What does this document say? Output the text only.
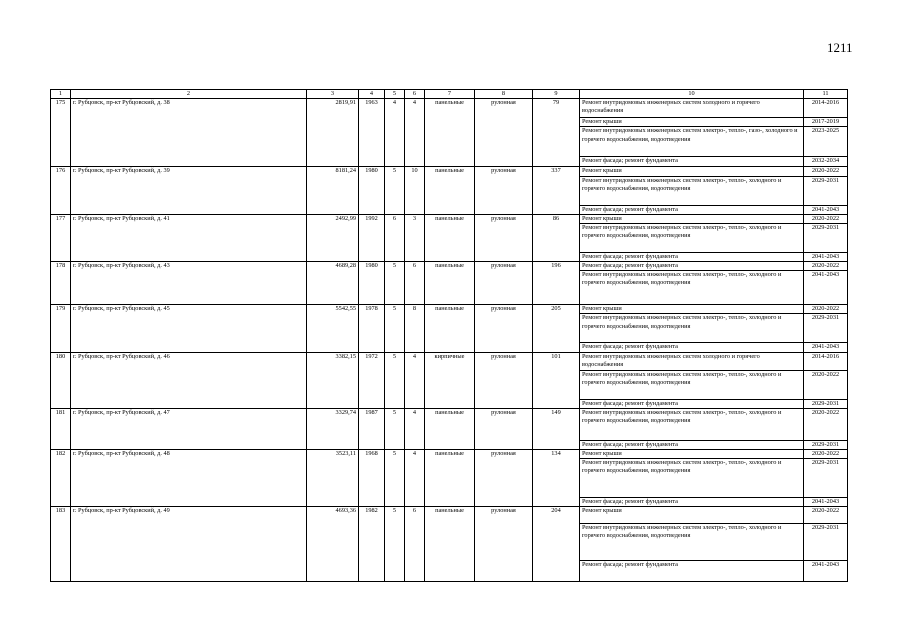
1211
1	2	3	4	5	6	7	8	9	10	11
175	г. Рубцовск, пр-кт Рубцовский, д. 38	2819,91	1963	4	4	панельные	рулонная	79	Ремонт внутридомовых инженерных систем холодного и горячего водоснабжения	2014-2016
									Ремонт крыши	2017-2019
									Ремонт внутридомовых инженерных систем электро-, тепло-, газо-, холодного и горячего водоснабжения, водоотведения	2023-2025
									Ремонт фасада; ремонт фундамента	2032-2034
176	г. Рубцовск, пр-кт Рубцовский, д. 39	8181,24	1980	5	10	панельные	рулонная	337	Ремонт крыши	2020-2022
									Ремонт внутридомовых инженерных систем электро-, тепло-, холодного и горячего водоснабжения, водоотведения	2029-2031
									Ремонт фасада; ремонт фундамента	2041-2043
177	г. Рубцовск, пр-кт Рубцовский, д. 41	2492,99	1992	6	3	панельные	рулонная	86	Ремонт крыши	2020-2022
									Ремонт внутридомовых инженерных систем электро-, тепло-, холодного и горячего водоснабжения, водоотведения	2029-2031
									Ремонт фасада; ремонт фундамента	2041-2043
178	г. Рубцовск, пр-кт Рубцовский, д. 43	4689,28	1980	5	6	панельные	рулонная	196	Ремонт фасада; ремонт фундамента	2020-2022
									Ремонт внутридомовых инженерных систем электро-, тепло-, холодного и горячего водоснабжения, водоотведения	2041-2043
179	г. Рубцовск, пр-кт Рубцовский, д. 45	5542,55	1978	5	8	панельные	рулонная	205	Ремонт крыши	2020-2022
									Ремонт внутридомовых инженерных систем электро-, тепло-, холодного и горячего водоснабжения, водоотведения	2029-2031
									Ремонт фасада; ремонт фундамента	2041-2043
180	г. Рубцовск, пр-кт Рубцовский, д. 46	3382,15	1972	5	4	кирпичные	рулонная	101	Ремонт внутридомовых инженерных систем холодного и горячего водоснабжения	2014-2016
									Ремонт внутридомовых инженерных систем электро-, тепло-, холодного и горячего водоснабжения, водоотведения	2020-2022
									Ремонт фасада; ремонт фундамента	2029-2031
181	г. Рубцовск, пр-кт Рубцовский, д. 47	3329,74	1987	5	4	панельные	рулонная	149	Ремонт внутридомовых инженерных систем электро-, тепло-, холодного и горячего водоснабжения, водоотведения	2020-2022
									Ремонт фасада; ремонт фундамента	2029-2031
182	г. Рубцовск, пр-кт Рубцовский, д. 48	3523,11	1968	5	4	панельные	рулонная	134	Ремонт крыши	2020-2022
									Ремонт внутридомовых инженерных систем электро-, тепло-, холодного и горячего водоснабжения, водоотведения	2029-2031
									Ремонт фасада; ремонт фундамента	2041-2043
183	г. Рубцовск, пр-кт Рубцовский, д. 49	4693,36	1982	5	6	панельные	рулонная	204	Ремонт крыши	2020-2022
									Ремонт внутридомовых инженерных систем электро-, тепло-, холодного и горячего водоснабжения, водоотведения	2029-2031
									Ремонт фасада; ремонт фундамента	2041-2043
